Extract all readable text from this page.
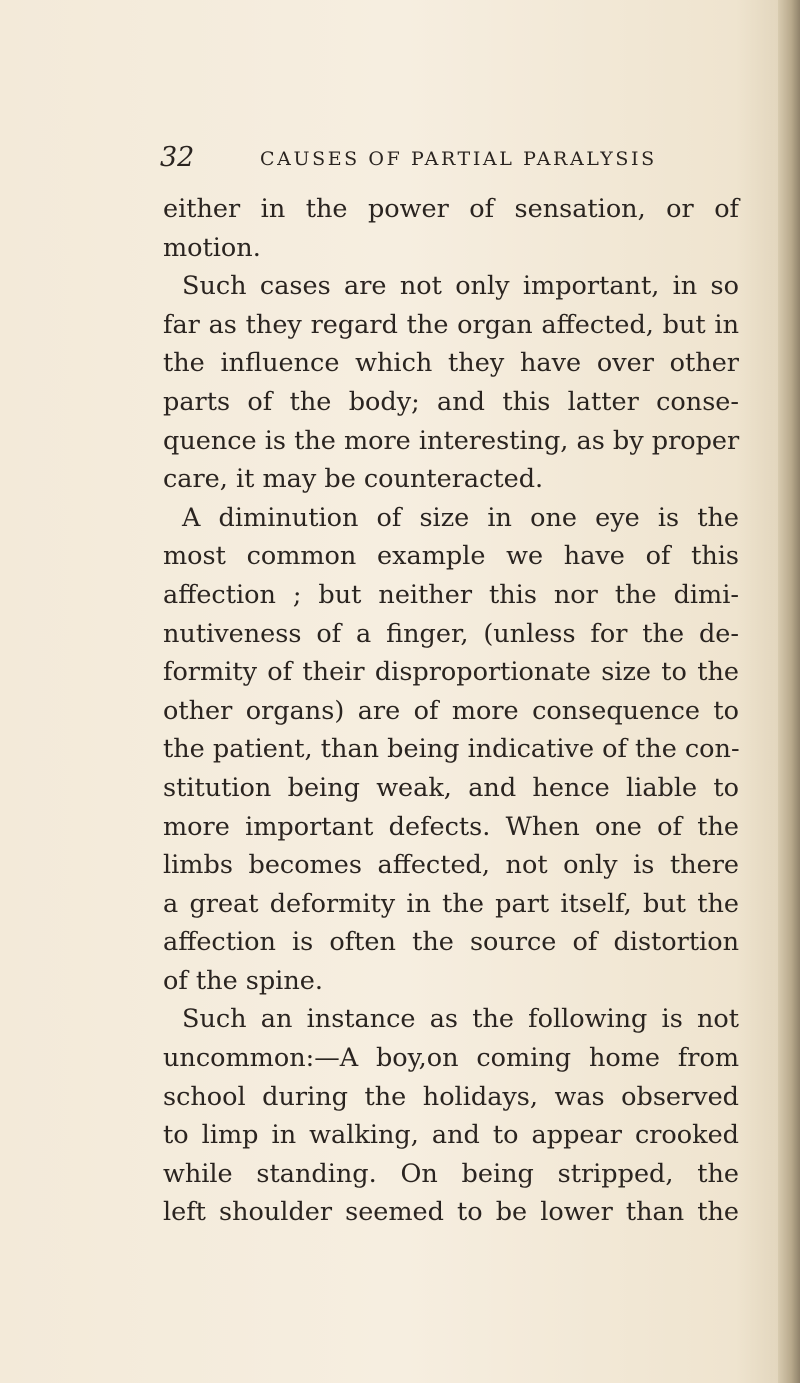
32	CAUSES OF PARTIAL PARALYSIS
either in the power of sensation, or of
motion.
Such cases are not only important, in so
far as they regard the organ affected, but in
the influence which they have over other
parts of the body; and this latter conse-
quence is the more interesting, as by proper
care, it may be counteracted.
A diminution of size in one eye is the
most common example we have of this
affection ; but neither this nor the dimi-
nutiveness of a finger, (unless for the de-
formity of their disproportionate size to the
other organs) are of more consequence to
the patient, than being indicative of the con-
stitution being weak, and hence liable to
more important defects. When one of the
limbs becomes affected, not only is there
a great deformity in the part itself, but the
affection is often the source of distortion
of the spine.
Such an instance as the following is not
uncommon:—A boy,on coming home from
school during the holidays, was observed
to limp in walking, and to appear crooked
while standing. On being stripped, the
left shoulder seemed to be lower than the
